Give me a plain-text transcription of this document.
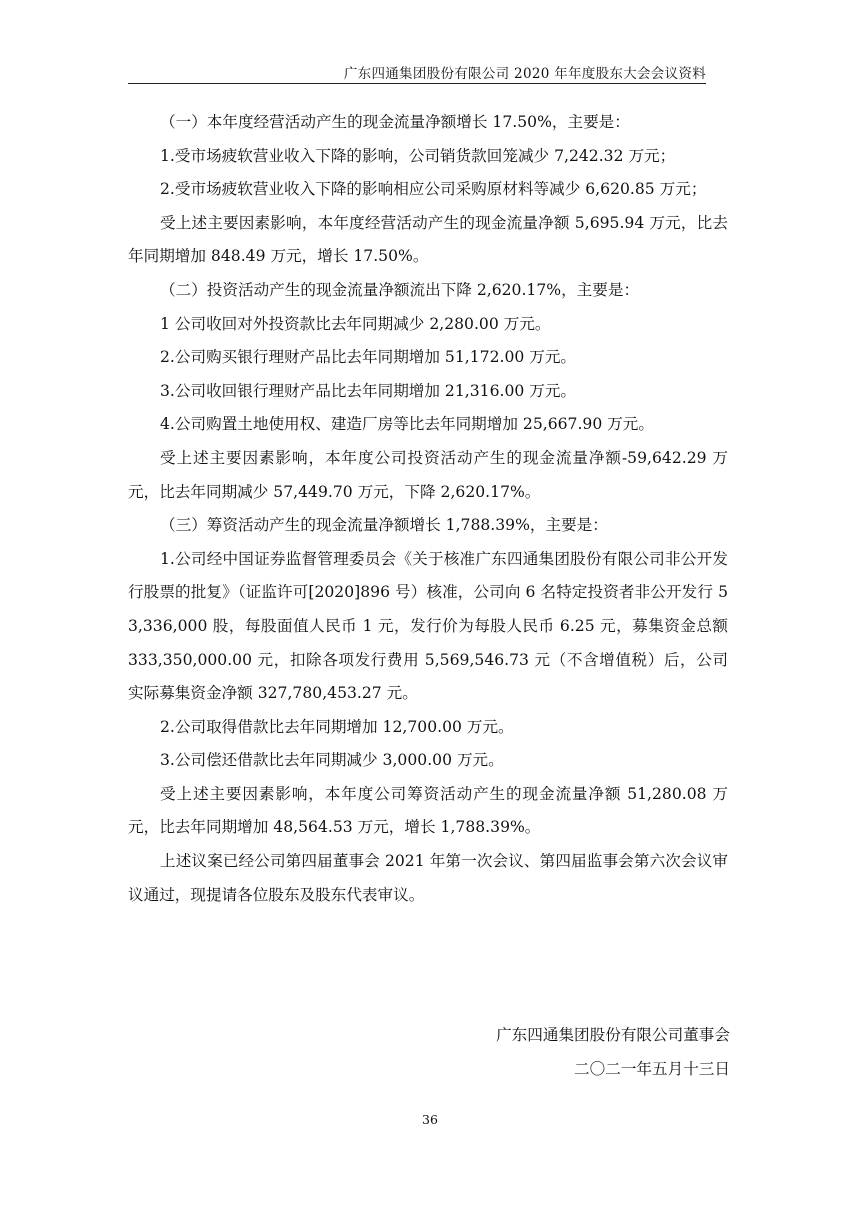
广东四通集团股份有限公司 2020 年年度股东大会会议资料

（一）本年度经营活动产生的现金流量净额增长 17.50%，主要是：

1.受市场疲软营业收入下降的影响，公司销货款回笼减少 7,242.32 万元；

2.受市场疲软营业收入下降的影响相应公司采购原材料等减少 6,620.85 万元；

受上述主要因素影响，本年度经营活动产生的现金流量净额 5,695.94 万元，比去年同期增加 848.49 万元，增长 17.50%。

（二）投资活动产生的现金流量净额流出下降 2,620.17%，主要是：

1 公司收回对外投资款比去年同期减少 2,280.00 万元。

2.公司购买银行理财产品比去年同期增加 51,172.00 万元。

3.公司收回银行理财产品比去年同期增加 21,316.00 万元。

4.公司购置土地使用权、建造厂房等比去年同期增加 25,667.90 万元。

受上述主要因素影响，本年度公司投资活动产生的现金流量净额-59,642.29 万元，比去年同期减少 57,449.70 万元，下降 2,620.17%。

（三）筹资活动产生的现金流量净额增长 1,788.39%，主要是：

1.公司经中国证券监督管理委员会《关于核准广东四通集团股份有限公司非公开发行股票的批复》（证监许可[2020]896 号）核准，公司向 6 名特定投资者非公开发行 53,336,000 股，每股面值人民币 1 元，发行价为每股人民币 6.25 元，募集资金总额 333,350,000.00 元，扣除各项发行费用 5,569,546.73 元（不含增值税）后，公司实际募集资金净额 327,780,453.27 元。

2.公司取得借款比去年同期增加 12,700.00 万元。

3.公司偿还借款比去年同期减少 3,000.00 万元。

受上述主要因素影响，本年度公司筹资活动产生的现金流量净额 51,280.08 万元，比去年同期增加 48,564.53 万元，增长 1,788.39%。

上述议案已经公司第四届董事会 2021 年第一次会议、第四届监事会第六次会议审议通过，现提请各位股东及股东代表审议。

广东四通集团股份有限公司董事会
二〇二一年五月十三日
36
